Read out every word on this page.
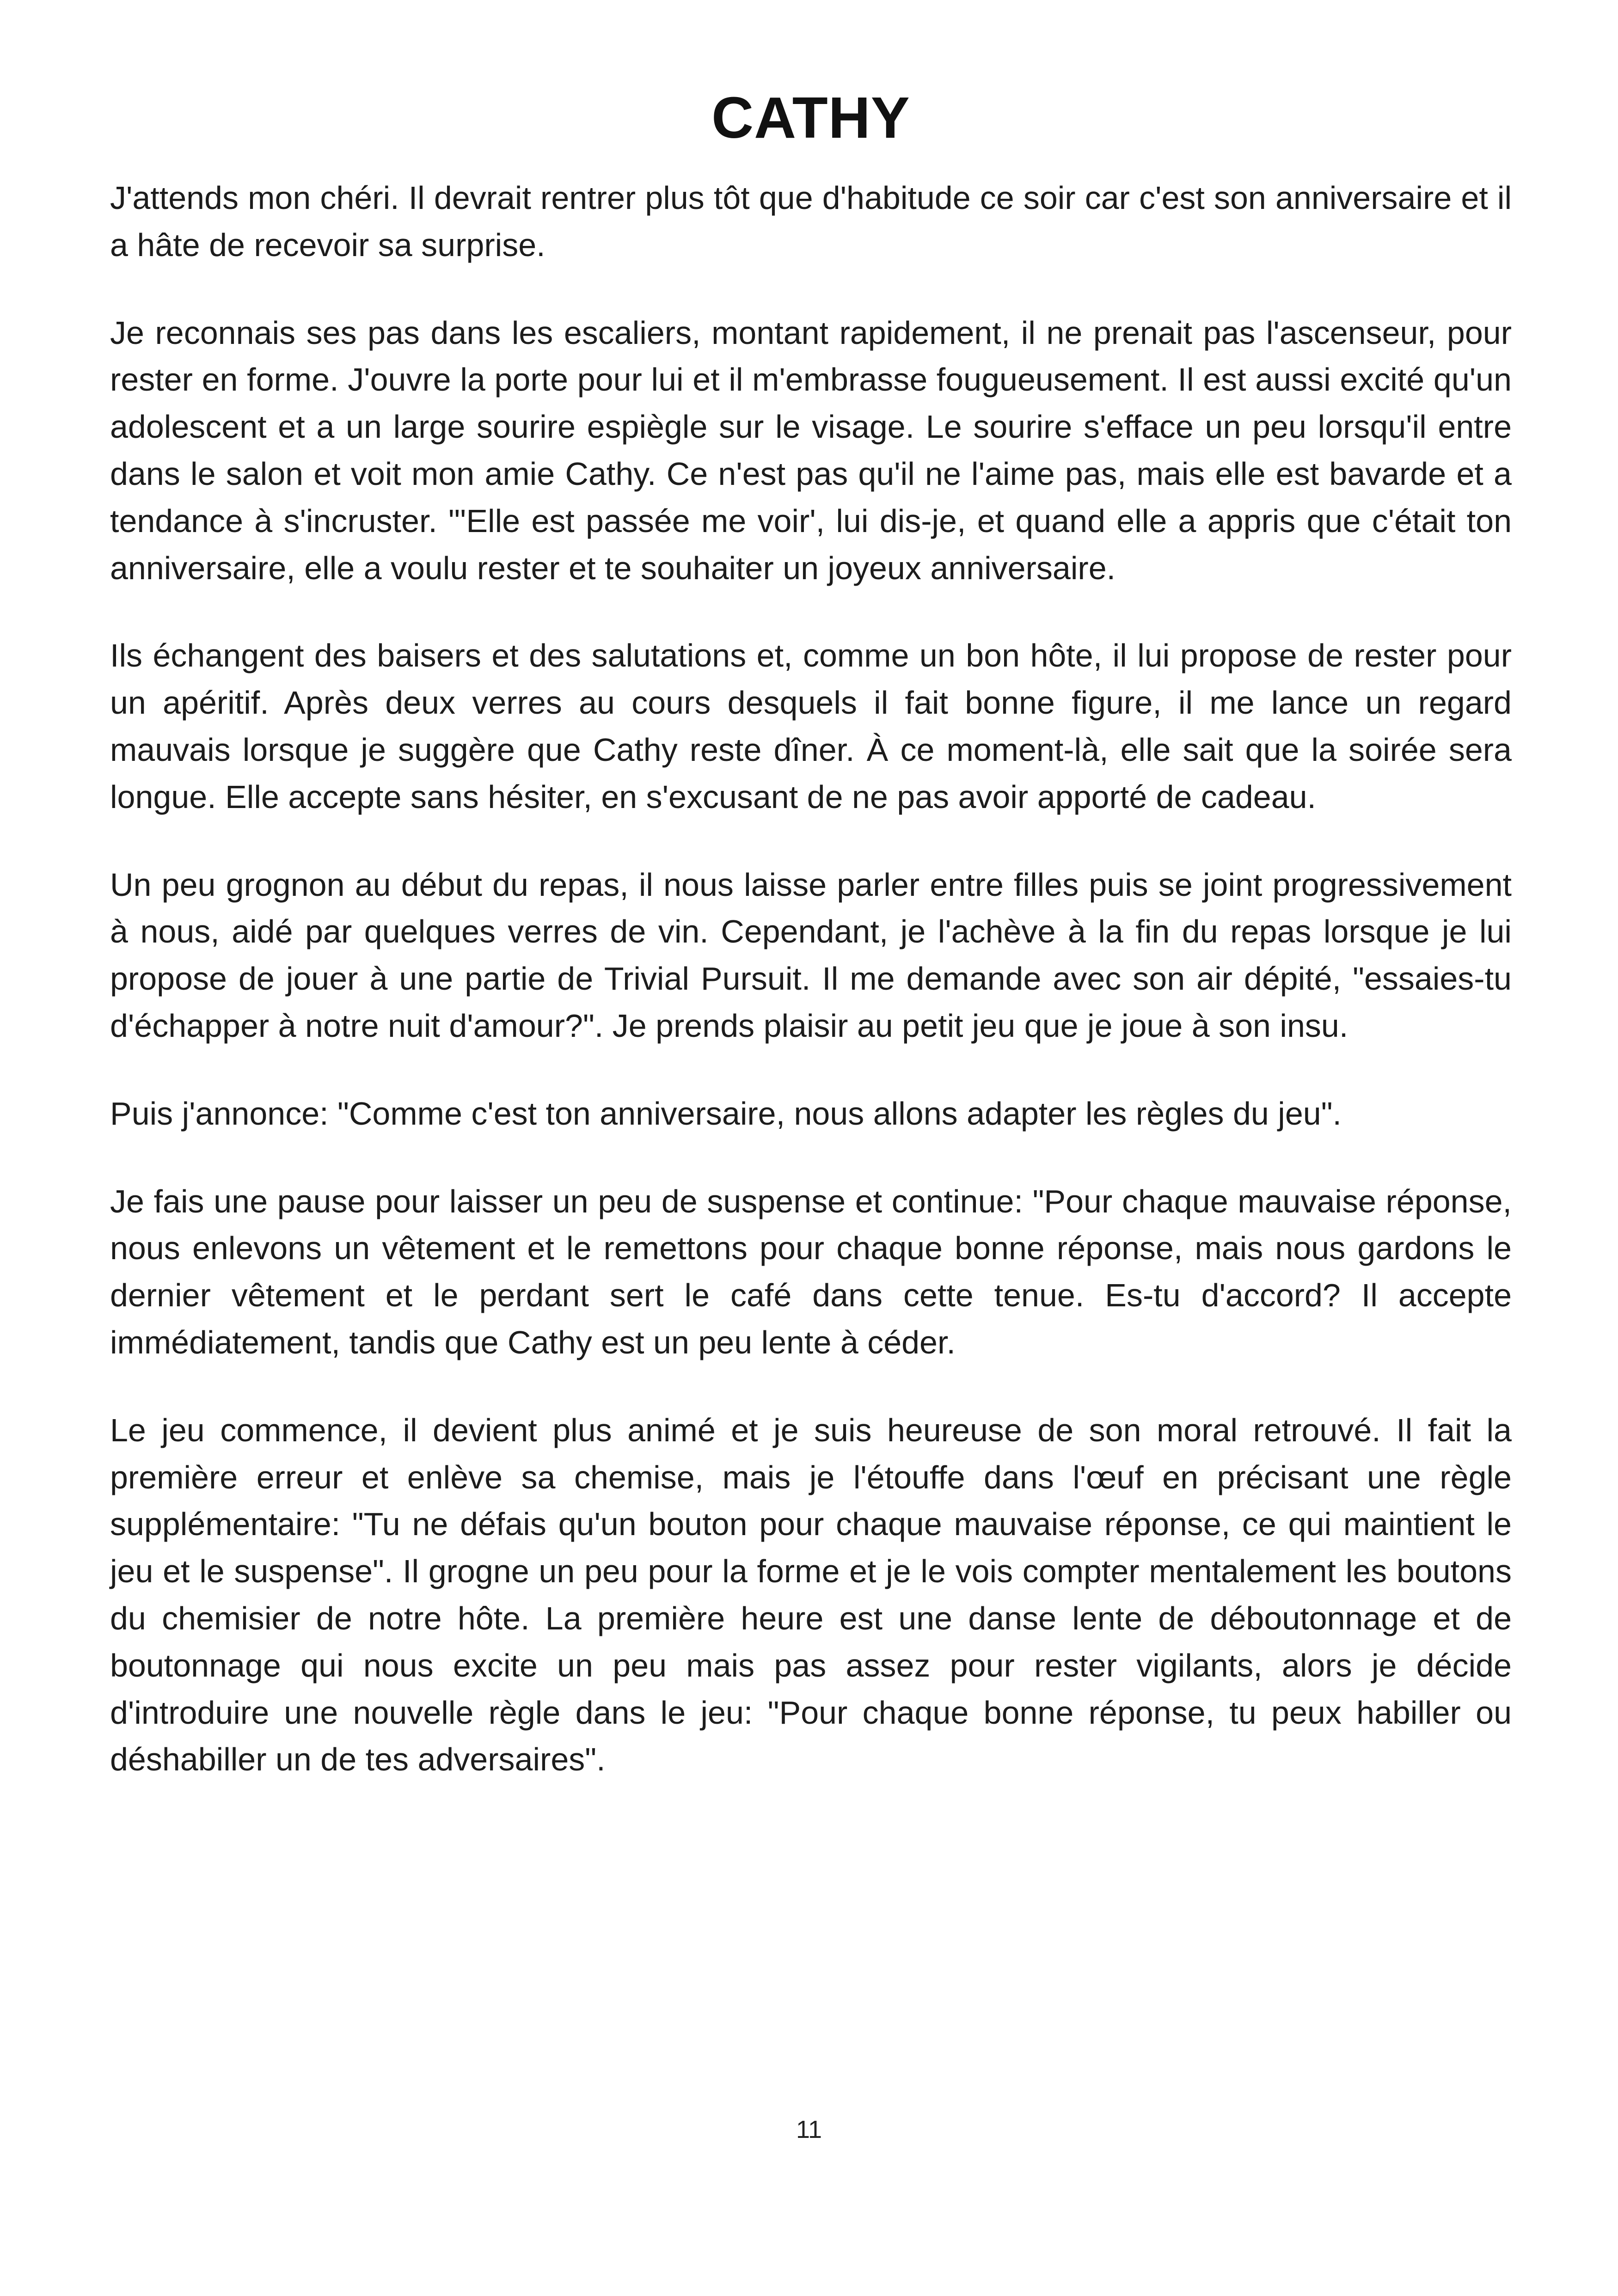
CATHY

J'attends mon chéri. Il devrait rentrer plus tôt que d'habitude ce soir car c'est son anniversaire et il a hâte de recevoir sa surprise.

Je reconnais ses pas dans les escaliers, montant rapidement, il ne prenait pas l'ascenseur, pour rester en forme. J'ouvre la porte pour lui et il m'embrasse fougueusement. Il est aussi excité qu'un adolescent et a un large sourire espiègle sur le visage. Le sourire s'efface un peu lorsqu'il entre dans le salon et voit mon amie Cathy. Ce n'est pas qu'il ne l'aime pas, mais elle est bavarde et a tendance à s'incruster. "'Elle est passée me voir', lui dis-je, et quand elle a appris que c'était ton anniversaire, elle a voulu rester et te souhaiter un joyeux anniversaire.

Ils échangent des baisers et des salutations et, comme un bon hôte, il lui propose de rester pour un apéritif. Après deux verres au cours desquels il fait bonne figure, il me lance un regard mauvais lorsque je suggère que Cathy reste dîner. À ce moment-là, elle sait que la soirée sera longue. Elle accepte sans hésiter, en s'excusant de ne pas avoir apporté de cadeau.

Un peu grognon au début du repas, il nous laisse parler entre filles puis se joint progressivement à nous, aidé par quelques verres de vin. Cependant, je l'achève à la fin du repas lorsque je lui propose de jouer à une partie de Trivial Pursuit. Il me demande avec son air dépité, "essaies-tu d'échapper à notre nuit d'amour?". Je prends plaisir au petit jeu que je joue à son insu.

Puis j'annonce: "Comme c'est ton anniversaire, nous allons adapter les règles du jeu".

Je fais une pause pour laisser un peu de suspense et continue: "Pour chaque mauvaise réponse, nous enlevons un vêtement et le remettons pour chaque bonne réponse, mais nous gardons le dernier vêtement et le perdant sert le café dans cette tenue. Es-tu d'accord? Il accepte immédiatement, tandis que Cathy est un peu lente à céder.

Le jeu commence, il devient plus animé et je suis heureuse de son moral retrouvé. Il fait la première erreur et enlève sa chemise, mais je l'étouffe dans l'œuf en précisant une règle supplémentaire: "Tu ne défais qu'un bouton pour chaque mauvaise réponse, ce qui maintient le jeu et le suspense". Il grogne un peu pour la forme et je le vois compter mentalement les boutons du chemisier de notre hôte. La première heure est une danse lente de déboutonnage et de boutonnage qui nous excite un peu mais pas assez pour rester vigilants, alors je décide d'introduire une nouvelle règle dans le jeu: "Pour chaque bonne réponse, tu peux habiller ou déshabiller un de tes adversaires".

11
